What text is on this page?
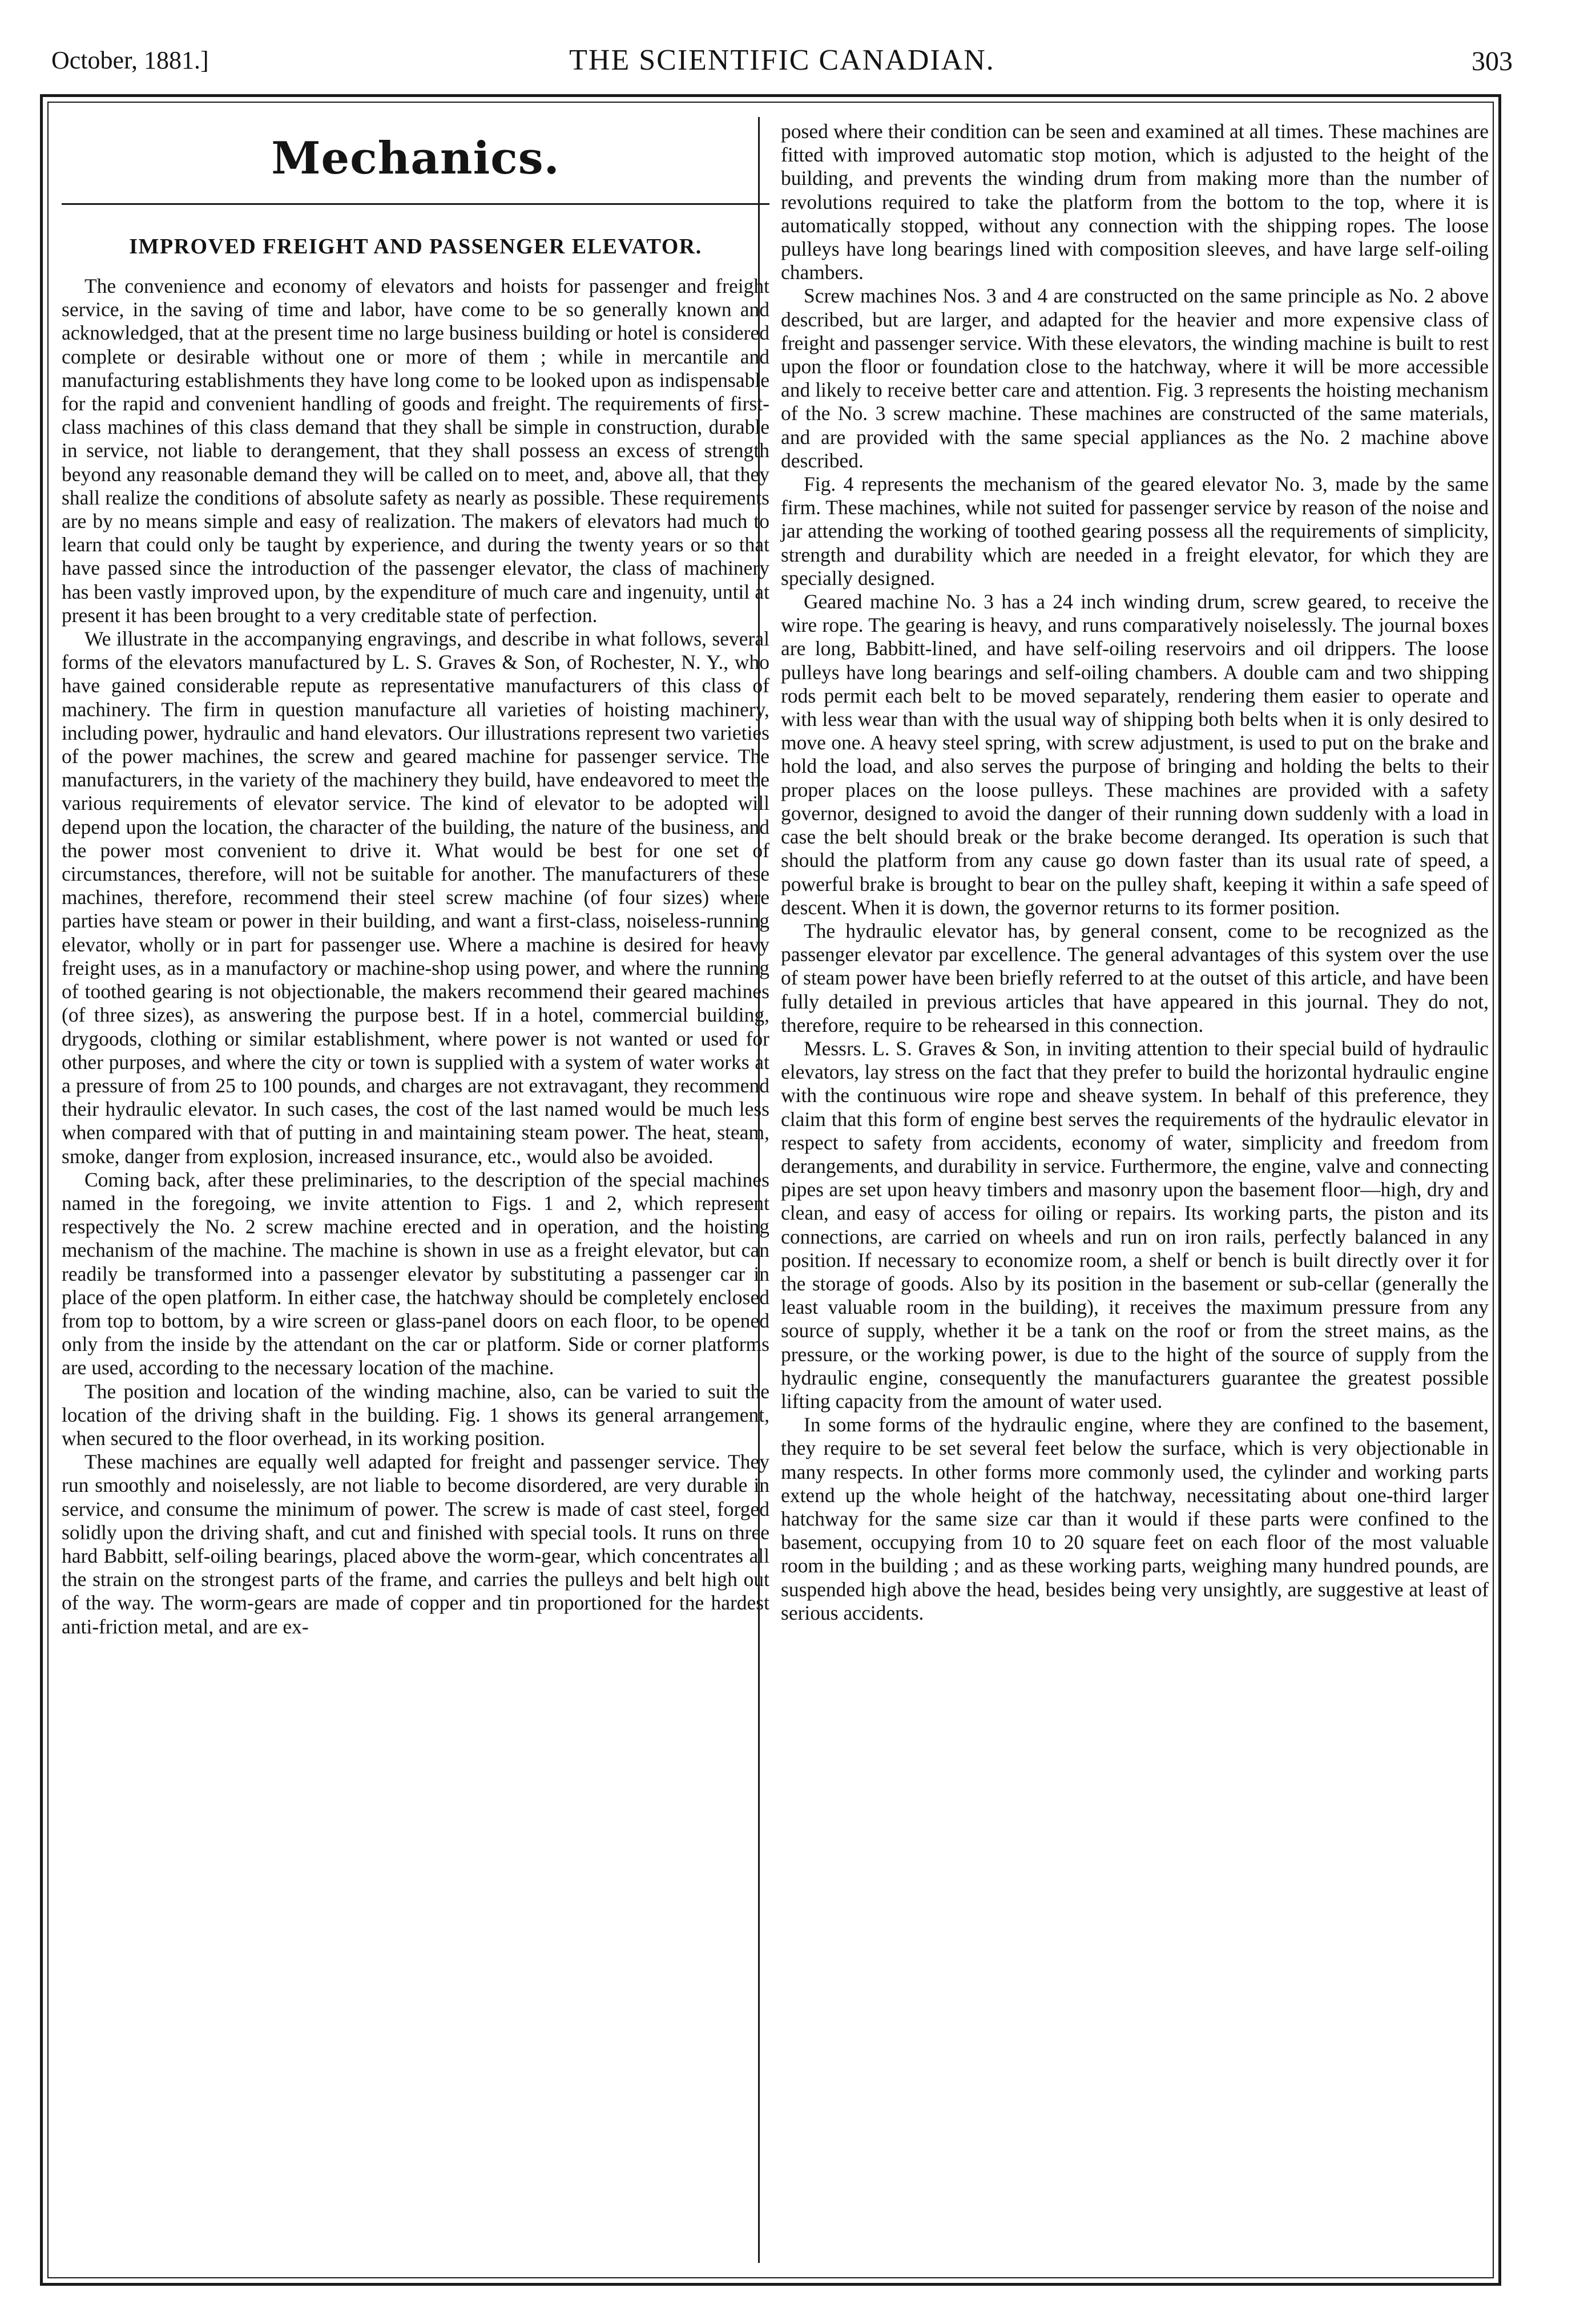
October, 1881.]	THE SCIENTIFIC CANADIAN.	303
Mechanics.
IMPROVED FREIGHT AND PASSENGER ELEVATOR.

The convenience and economy of elevators and hoists for passenger and freight service, in the saving of time and labor, have come to be so generally known and acknowledged, that at the present time no large business building or hotel is considered complete or desirable without one or more of them ; while in mercantile and manufacturing establishments they have long come to be looked upon as indispensable for the rapid and convenient handling of goods and freight. The requirements of first-class machines of this class demand that they shall be simple in construction, durable in service, not liable to derangement, that they shall possess an excess of strength beyond any reasonable demand they will be called on to meet, and, above all, that they shall realize the conditions of absolute safety as nearly as possible. These requirements are by no means simple and easy of realization. The makers of elevators had much to learn that could only be taught by experience, and during the twenty years or so that have passed since the introduction of the passenger elevator, the class of machinery has been vastly improved upon, by the expenditure of much care and ingenuity, until at present it has been brought to a very creditable state of perfection.

We illustrate in the accompanying engravings, and describe in what follows, several forms of the elevators manufactured by L. S. Graves & Son, of Rochester, N. Y., who have gained considerable repute as representative manufacturers of this class of machinery. The firm in question manufacture all varieties of hoisting machinery, including power, hydraulic and hand elevators. Our illustrations represent two varieties of the power machines, the screw and geared machine for passenger service. The manufacturers, in the variety of the machinery they build, have endeavored to meet the various requirements of elevator service. The kind of elevator to be adopted will depend upon the location, the character of the building, the nature of the business, and the power most convenient to drive it. What would be best for one set of circumstances, therefore, will not be suitable for another. The manufacturers of these machines, therefore, recommend their steel screw machine (of four sizes) where parties have steam or power in their building, and want a first-class, noiseless-running elevator, wholly or in part for passenger use. Where a machine is desired for heavy freight uses, as in a manufactory or machine-shop using power, and where the running of toothed gearing is not objectionable, the makers recommend their geared machines (of three sizes), as answering the purpose best. If in a hotel, commercial building, drygoods, clothing or similar establishment, where power is not wanted or used for other purposes, and where the city or town is supplied with a system of water works at a pressure of from 25 to 100 pounds, and charges are not extravagant, they recommend their hydraulic elevator. In such cases, the cost of the last named would be much less when compared with that of putting in and maintaining steam power. The heat, steam, smoke, danger from explosion, increased insurance, etc., would also be avoided.

Coming back, after these preliminaries, to the description of the special machines named in the foregoing, we invite attention to Figs. 1 and 2, which represent respectively the No. 2 screw machine erected and in operation, and the hoisting mechanism of the machine. The machine is shown in use as a freight elevator, but can readily be transformed into a passenger elevator by substituting a passenger car in place of the open platform. In either case, the hatchway should be completely enclosed from top to bottom, by a wire screen or glass-panel doors on each floor, to be opened only from the inside by the attendant on the car or platform. Side or corner platforms are used, according to the necessary location of the machine.

The position and location of the winding machine, also, can be varied to suit the location of the driving shaft in the building. Fig. 1 shows its general arrangement, when secured to the floor overhead, in its working position.

These machines are equally well adapted for freight and passenger service. They run smoothly and noiselessly, are not liable to become disordered, are very durable in service, and consume the minimum of power. The screw is made of cast steel, forged solidly upon the driving shaft, and cut and finished with special tools. It runs on three hard Babbitt, self-oiling bearings, placed above the worm-gear, which concentrates all the strain on the strongest parts of the frame, and carries the pulleys and belt high out of the way. The worm-gears are made of copper and tin proportioned for the hardest anti-friction metal, and are ex-

posed where their condition can be seen and examined at all times. These machines are fitted with improved automatic stop motion, which is adjusted to the height of the building, and prevents the winding drum from making more than the number of revolutions required to take the platform from the bottom to the top, where it is automatically stopped, without any connection with the shipping ropes. The loose pulleys have long bearings lined with composition sleeves, and have large self-oiling chambers.

Screw machines Nos. 3 and 4 are constructed on the same principle as No. 2 above described, but are larger, and adapted for the heavier and more expensive class of freight and passenger service. With these elevators, the winding machine is built to rest upon the floor or foundation close to the hatchway, where it will be more accessible and likely to receive better care and attention. Fig. 3 represents the hoisting mechanism of the No. 3 screw machine. These machines are constructed of the same materials, and are provided with the same special appliances as the No. 2 machine above described.

Fig. 4 represents the mechanism of the geared elevator No. 3, made by the same firm. These machines, while not suited for passenger service by reason of the noise and jar attending the working of toothed gearing possess all the requirements of simplicity, strength and durability which are needed in a freight elevator, for which they are specially designed.

Geared machine No. 3 has a 24 inch winding drum, screw geared, to receive the wire rope. The gearing is heavy, and runs comparatively noiselessly. The journal boxes are long, Babbitt-lined, and have self-oiling reservoirs and oil drippers. The loose pulleys have long bearings and self-oiling chambers. A double cam and two shipping rods permit each belt to be moved separately, rendering them easier to operate and with less wear than with the usual way of shipping both belts when it is only desired to move one. A heavy steel spring, with screw adjustment, is used to put on the brake and hold the load, and also serves the purpose of bringing and holding the belts to their proper places on the loose pulleys. These machines are provided with a safety governor, designed to avoid the danger of their running down suddenly with a load in case the belt should break or the brake become deranged. Its operation is such that should the platform from any cause go down faster than its usual rate of speed, a powerful brake is brought to bear on the pulley shaft, keeping it within a safe speed of descent. When it is down, the governor returns to its former position.

The hydraulic elevator has, by general consent, come to be recognized as the passenger elevator par excellence. The general advantages of this system over the use of steam power have been briefly referred to at the outset of this article, and have been fully detailed in previous articles that have appeared in this journal. They do not, therefore, require to be rehearsed in this connection.

Messrs. L. S. Graves & Son, in inviting attention to their special build of hydraulic elevators, lay stress on the fact that they prefer to build the horizontal hydraulic engine with the continuous wire rope and sheave system. In behalf of this preference, they claim that this form of engine best serves the requirements of the hydraulic elevator in respect to safety from accidents, economy of water, simplicity and freedom from derangements, and durability in service. Furthermore, the engine, valve and connecting pipes are set upon heavy timbers and masonry upon the basement floor—high, dry and clean, and easy of access for oiling or repairs. Its working parts, the piston and its connections, are carried on wheels and run on iron rails, perfectly balanced in any position. If necessary to economize room, a shelf or bench is built directly over it for the storage of goods. Also by its position in the basement or sub-cellar (generally the least valuable room in the building), it receives the maximum pressure from any source of supply, whether it be a tank on the roof or from the street mains, as the pressure, or the working power, is due to the hight of the source of supply from the hydraulic engine, consequently the manufacturers guarantee the greatest possible lifting capacity from the amount of water used.

In some forms of the hydraulic engine, where they are confined to the basement, they require to be set several feet below the surface, which is very objectionable in many respects. In other forms more commonly used, the cylinder and working parts extend up the whole height of the hatchway, necessitating about one-third larger hatchway for the same size car than it would if these parts were confined to the basement, occupying from 10 to 20 square feet on each floor of the most valuable room in the building ; and as these working parts, weighing many hundred pounds, are suspended high above the head, besides being very unsightly, are suggestive at least of serious accidents.
